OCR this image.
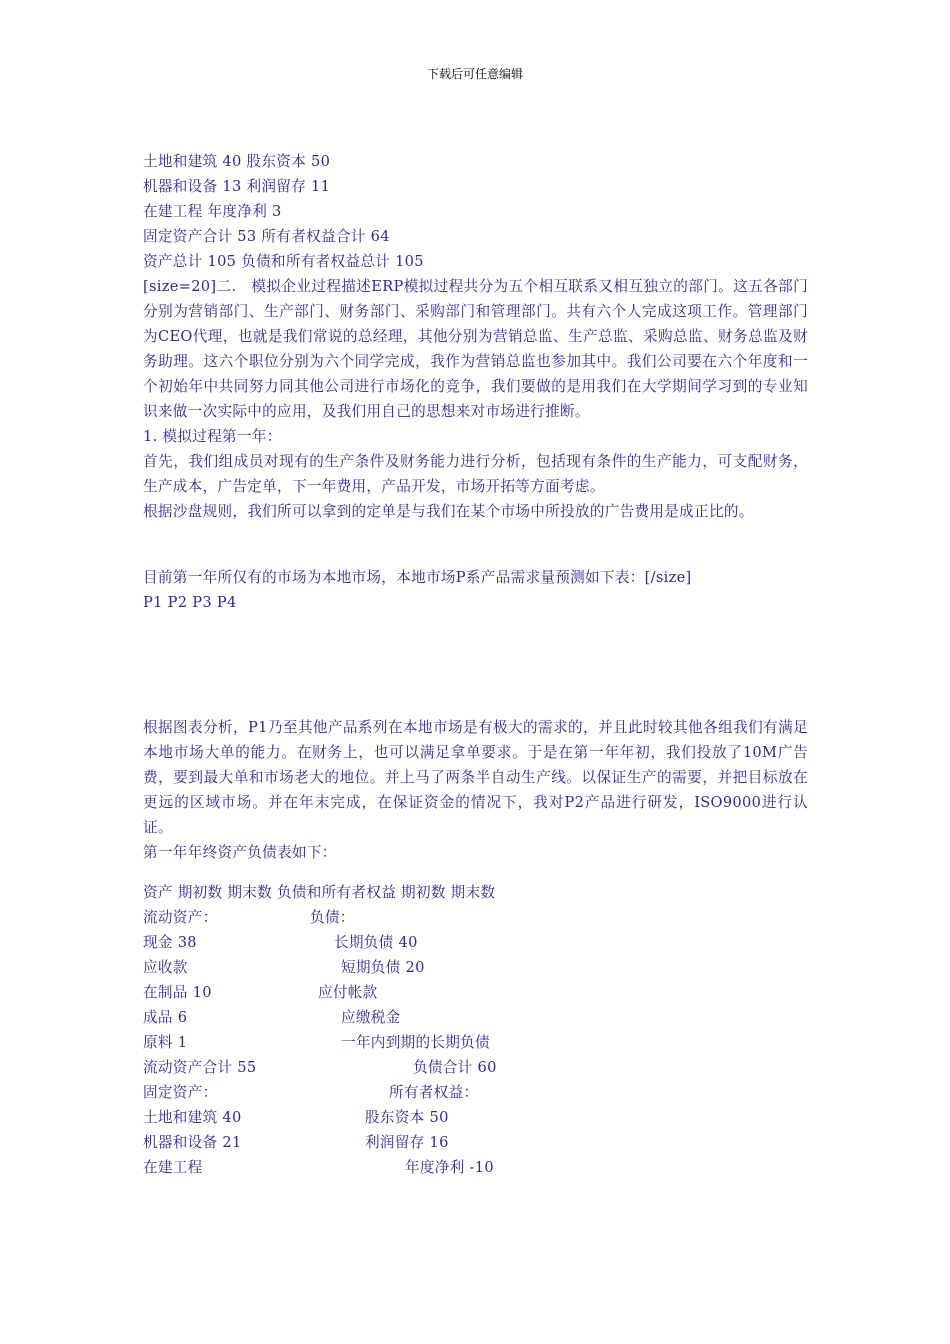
下载后可任意编辑
土地和建筑 40 股东资本 50
机器和设备 13 利润留存 11
在建工程 年度净利 3
固定资产合计 53 所有者权益合计 64
资产总计 105 负债和所有者权益总计 105
[size=20]二.　模拟企业过程描述ERP模拟过程共分为五个相互联系又相互独立的部门。这五各部门分别为营销部门、生产部门、财务部门、采购部门和管理部门。共有六个人完成这项工作。管理部门为CEO代理，也就是我们常说的总经理，其他分别为营销总监、生产总监、采购总监、财务总监及财务助理。这六个职位分别为六个同学完成，我作为营销总监也参加其中。我们公司要在六个年度和一个初始年中共同努力同其他公司进行市场化的竞争，我们要做的是用我们在大学期间学习到的专业知识来做一次实际中的应用，及我们用自己的思想来对市场进行推断。
1. 模拟过程第一年：
首先，我们组成员对现有的生产条件及财务能力进行分析，包括现有条件的生产能力，可支配财务，生产成本，广告定单，下一年费用，产品开发，市场开拓等方面考虑。
根据沙盘规则，我们所可以拿到的定单是与我们在某个市场中所投放的广告费用是成正比的。
目前第一年所仅有的市场为本地市场，本地市场P系产品需求量预测如下表：[/size]
P1 P2 P3 P4
根据图表分析，P1乃至其他产品系列在本地市场是有极大的需求的，并且此时较其他各组我们有满足本地市场大单的能力。在财务上，也可以满足拿单要求。于是在第一年年初，我们投放了10M广告费，要到最大单和市场老大的地位。并上马了两条半自动生产线。以保证生产的需要，并把目标放在更远的区域市场。并在年末完成，在保证资金的情况下，我对P2产品进行研发，ISO9000进行认证。
第一年年终资产负债表如下：
资产 期初数 期末数 负债和所有者权益 期初数 期末数
流动资产：	负债：
现金 38	长期负债 40
应收款	短期负债 20
在制品 10	应付帐款
成品 6	应缴税金
原料 1	一年内到期的长期负债
流动资产合计 55	负债合计 60
固定资产：	所有者权益：
土地和建筑 40	股东资本 50
机器和设备 21	利润留存 16
在建工程	年度净利 -10
